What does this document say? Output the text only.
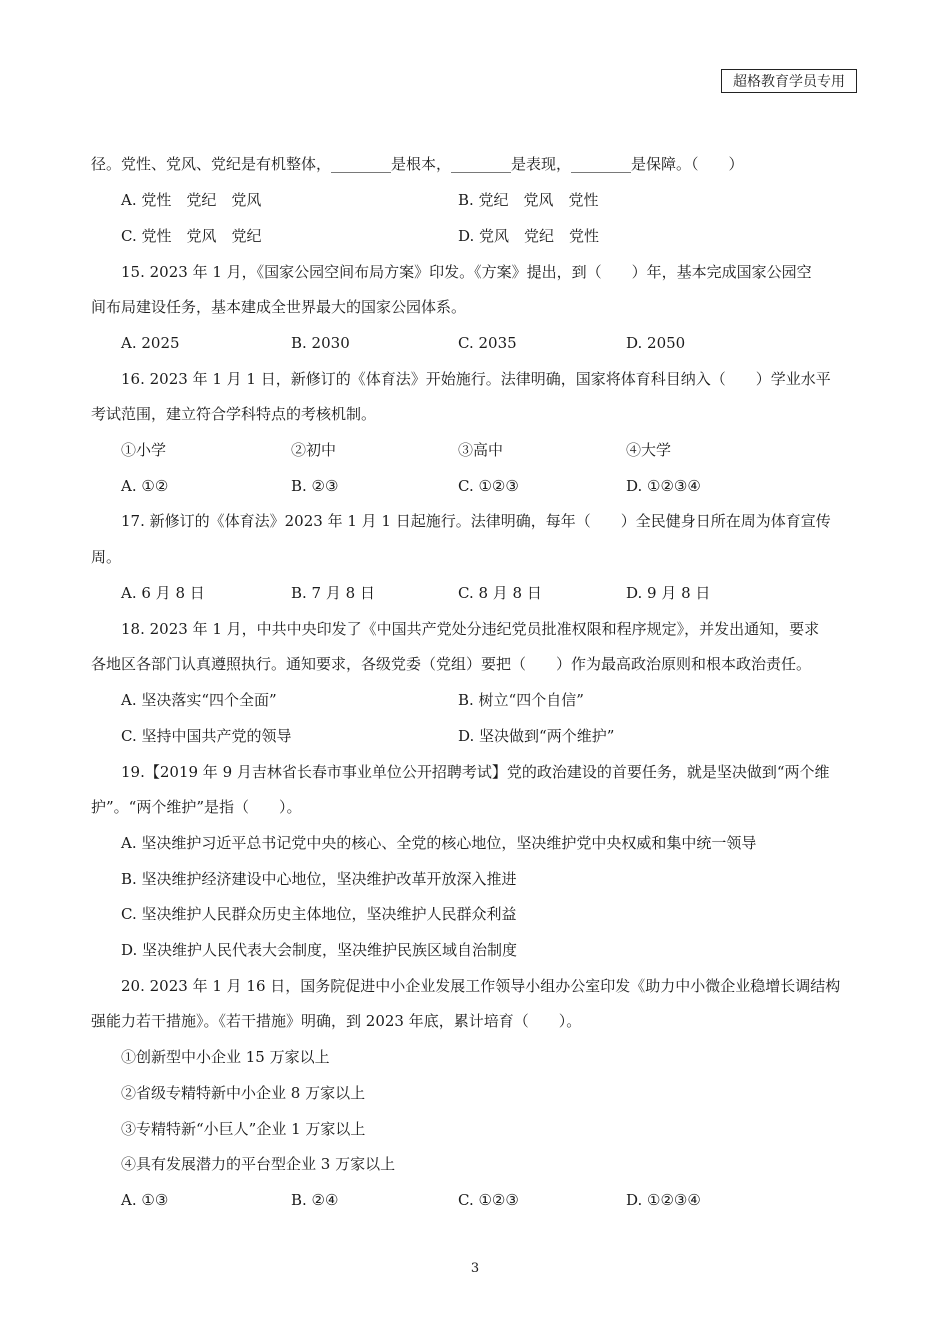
超格教育学员专用
径。党性、党风、党纪是有机整体，________是根本，________是表现，________是保障。（　　）
A. 党性　党纪　党风	B. 党纪　党风　党性
C. 党性　党风　党纪	D. 党风　党纪　党性
15. 2023 年 1 月，《国家公园空间布局方案》印发。《方案》提出，到（　　）年，基本完成国家公园空
间布局建设任务，基本建成全世界最大的国家公园体系。
A. 2025	B. 2030	C. 2035	D. 2050
16. 2023 年 1 月 1 日，新修订的《体育法》开始施行。法律明确，国家将体育科目纳入（　　）学业水平
考试范围，建立符合学科特点的考核机制。
①小学	②初中	③高中	④大学
A. ①②	B. ②③	C. ①②③	D. ①②③④
17. 新修订的《体育法》2023 年 1 月 1 日起施行。法律明确，每年（　　）全民健身日所在周为体育宣传
周。
A. 6 月 8 日	B. 7 月 8 日	C. 8 月 8 日	D. 9 月 8 日
18. 2023 年 1 月，中共中央印发了《中国共产党处分违纪党员批准权限和程序规定》，并发出通知，要求
各地区各部门认真遵照执行。通知要求，各级党委（党组）要把（　　）作为最高政治原则和根本政治责任。
A. 坚决落实“四个全面”	B. 树立“四个自信”
C. 坚持中国共产党的领导	D. 坚决做到“两个维护”
19.【2019 年 9 月吉林省长春市事业单位公开招聘考试】党的政治建设的首要任务，就是坚决做到“两个维
护”。“两个维护”是指（　　）。
A. 坚决维护习近平总书记党中央的核心、全党的核心地位，坚决维护党中央权威和集中统一领导
B. 坚决维护经济建设中心地位，坚决维护改革开放深入推进
C. 坚决维护人民群众历史主体地位，坚决维护人民群众利益
D. 坚决维护人民代表大会制度，坚决维护民族区域自治制度
20. 2023 年 1 月 16 日，国务院促进中小企业发展工作领导小组办公室印发《助力中小微企业稳增长调结构
强能力若干措施》。《若干措施》明确，到 2023 年底，累计培育（　　）。
①创新型中小企业 15 万家以上
②省级专精特新中小企业 8 万家以上
③专精特新“小巨人”企业 1 万家以上
④具有发展潜力的平台型企业 3 万家以上
A. ①③	B. ②④	C. ①②③	D. ①②③④
3
